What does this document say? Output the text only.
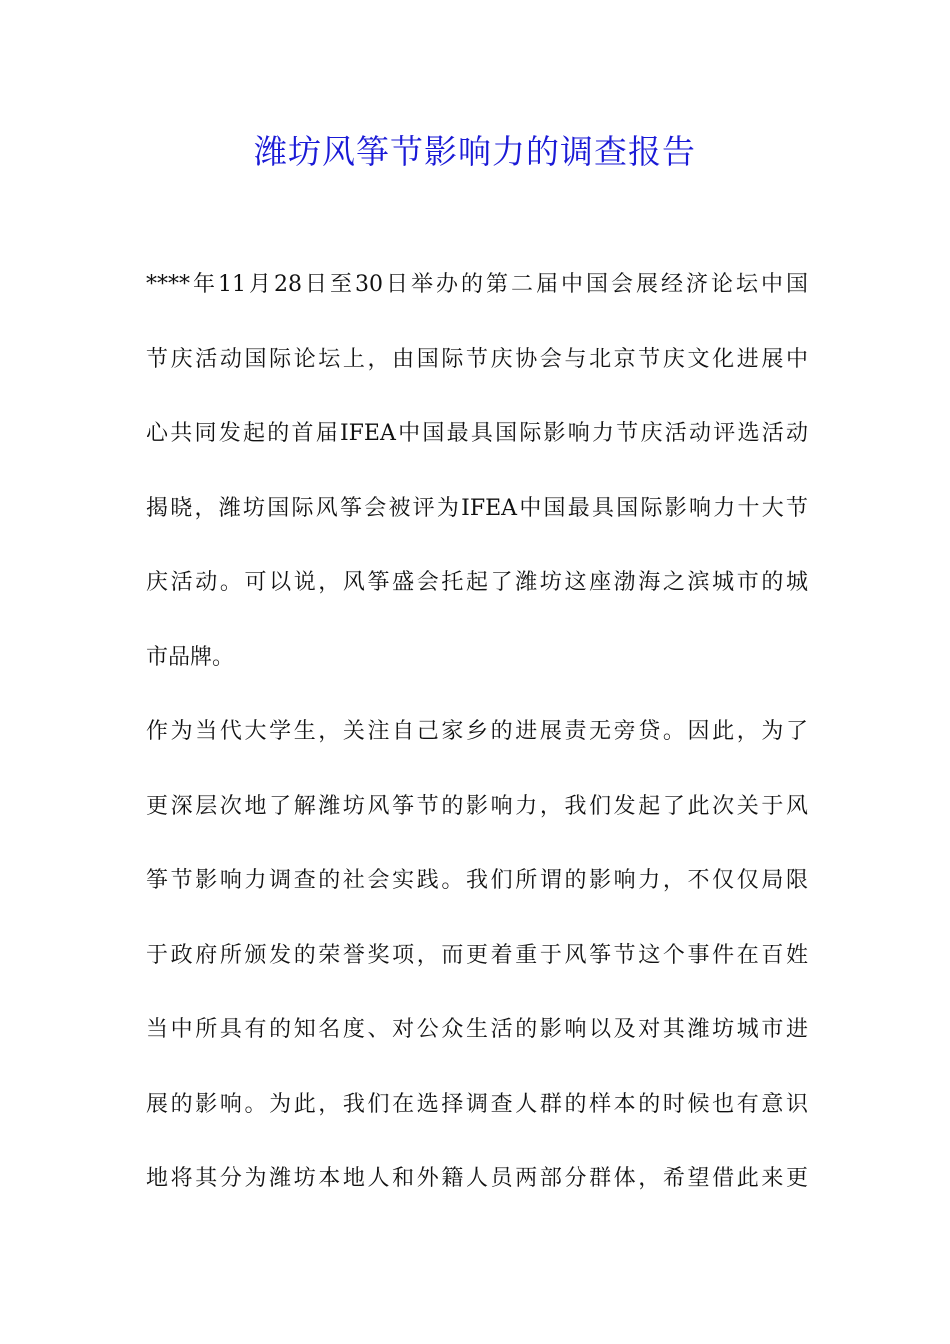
潍坊风筝节影响力的调查报告
****年11月28日至30日举办的第二届中国会展经济论坛中国
节庆活动国际论坛上，由国际节庆协会与北京节庆文化进展中
心共同发起的首届IFEA中国最具国际影响力节庆活动评选活动
揭晓，潍坊国际风筝会被评为IFEA中国最具国际影响力十大节
庆活动。可以说，风筝盛会托起了潍坊这座渤海之滨城市的城
市品牌。
作为当代大学生，关注自己家乡的进展责无旁贷。因此，为了
更深层次地了解潍坊风筝节的影响力，我们发起了此次关于风
筝节影响力调查的社会实践。我们所谓的影响力，不仅仅局限
于政府所颁发的荣誉奖项，而更着重于风筝节这个事件在百姓
当中所具有的知名度、对公众生活的影响以及对其潍坊城市进
展的影响。为此，我们在选择调查人群的样本的时候也有意识
地将其分为潍坊本地人和外籍人员两部分群体，希望借此来更
